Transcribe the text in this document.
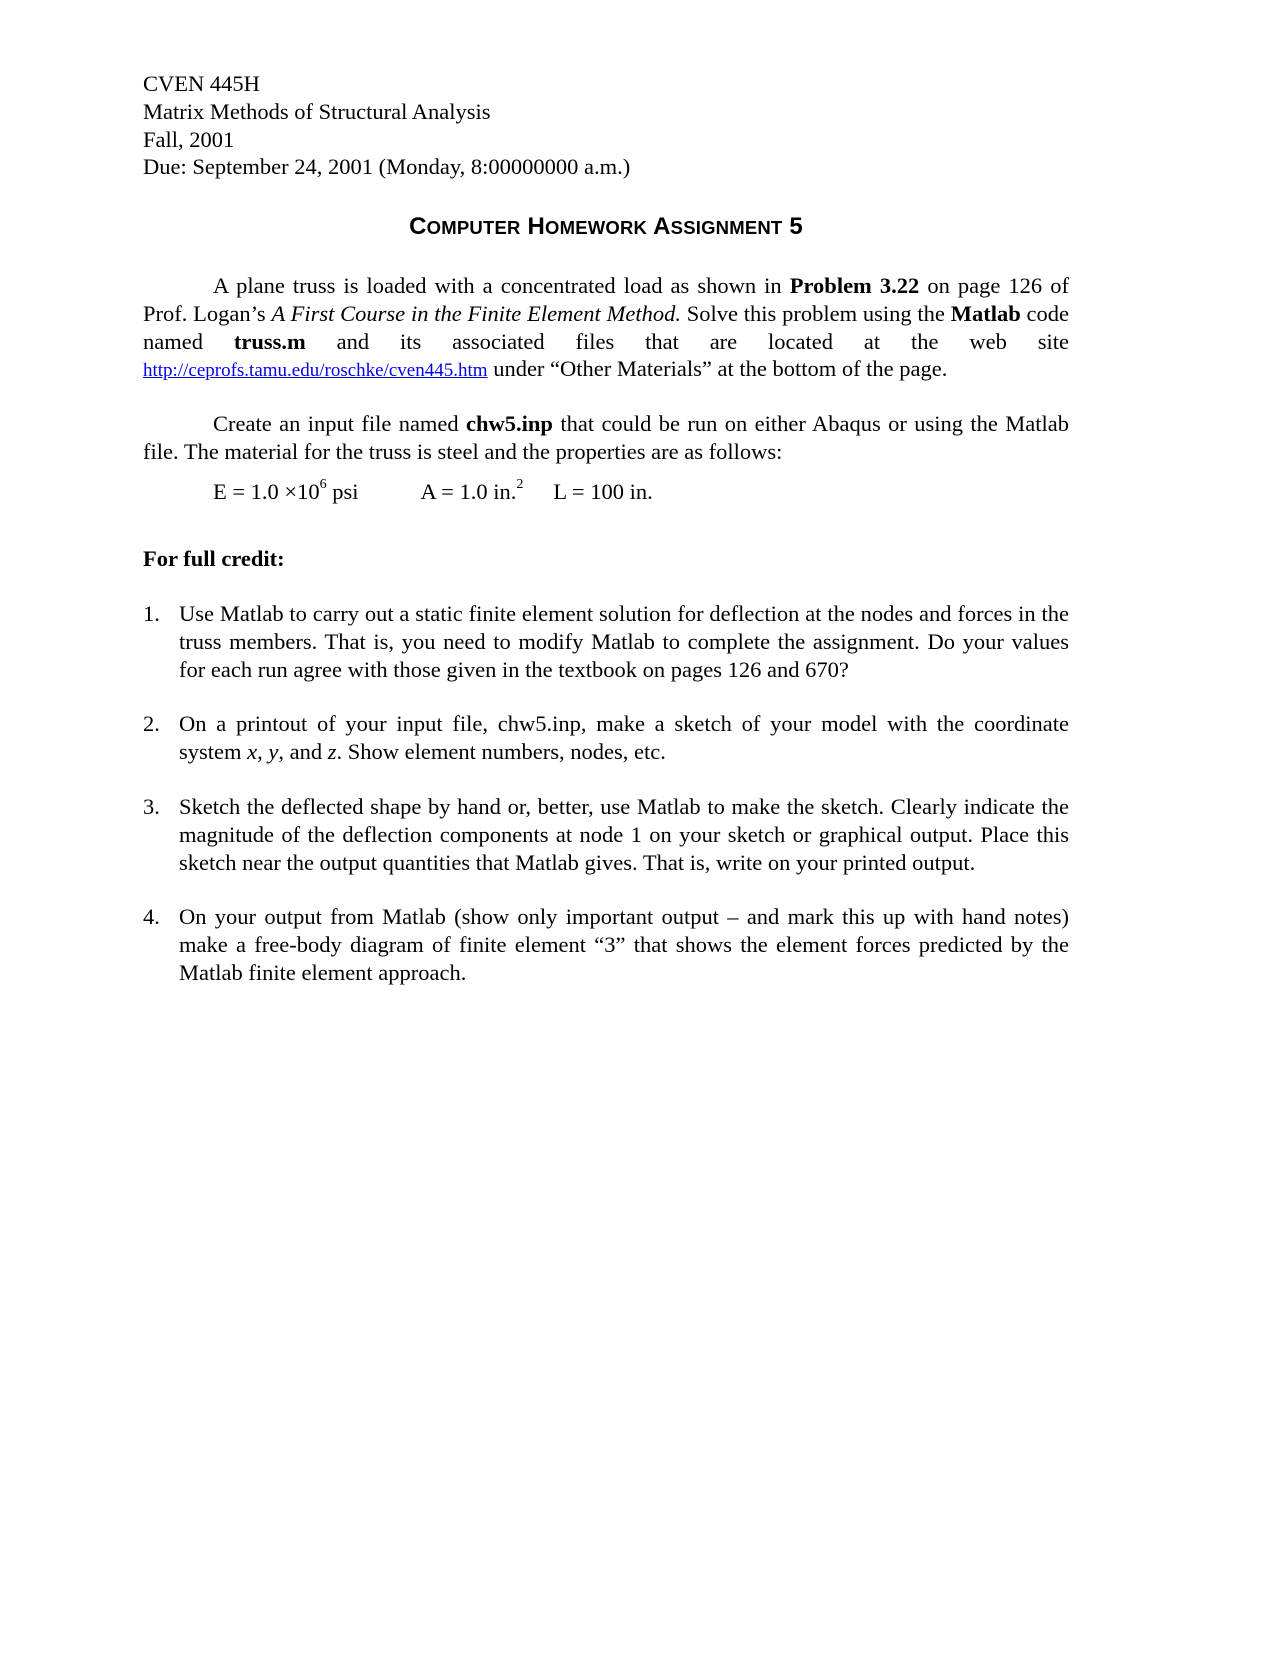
CVEN 445H
Matrix Methods of Structural Analysis
Fall, 2001
Due: September 24, 2001 (Monday, 8:00000000 a.m.)
COMPUTER HOMEWORK ASSIGNMENT 5
A plane truss is loaded with a concentrated load as shown in Problem 3.22 on page 126 of Prof. Logan’s A First Course in the Finite Element Method. Solve this problem using the Matlab code named truss.m and its associated files that are located at the web site http://ceprofs.tamu.edu/roschke/cven445.htm under “Other Materials” at the bottom of the page.
Create an input file named chw5.inp that could be run on either Abaqus or using the Matlab file. The material for the truss is steel and the properties are as follows:
$E = 1.0 \times 10^6$ psi	A = 1.0 in.$^2$ L = 100 in.
For full credit:
1. Use Matlab to carry out a static finite element solution for deflection at the nodes and forces in the truss members. That is, you need to modify Matlab to complete the assignment. Do your values for each run agree with those given in the textbook on pages 126 and 670?
2. On a printout of your input file, chw5.inp, make a sketch of your model with the coordinate system x, y, and z. Show element numbers, nodes, etc.
3. Sketch the deflected shape by hand or, better, use Matlab to make the sketch. Clearly indicate the magnitude of the deflection components at node 1 on your sketch or graphical output. Place this sketch near the output quantities that Matlab gives. That is, write on your printed output.
4. On your output from Matlab (show only important output – and mark this up with hand notes) make a free-body diagram of finite element “3” that shows the element forces predicted by the Matlab finite element approach.
